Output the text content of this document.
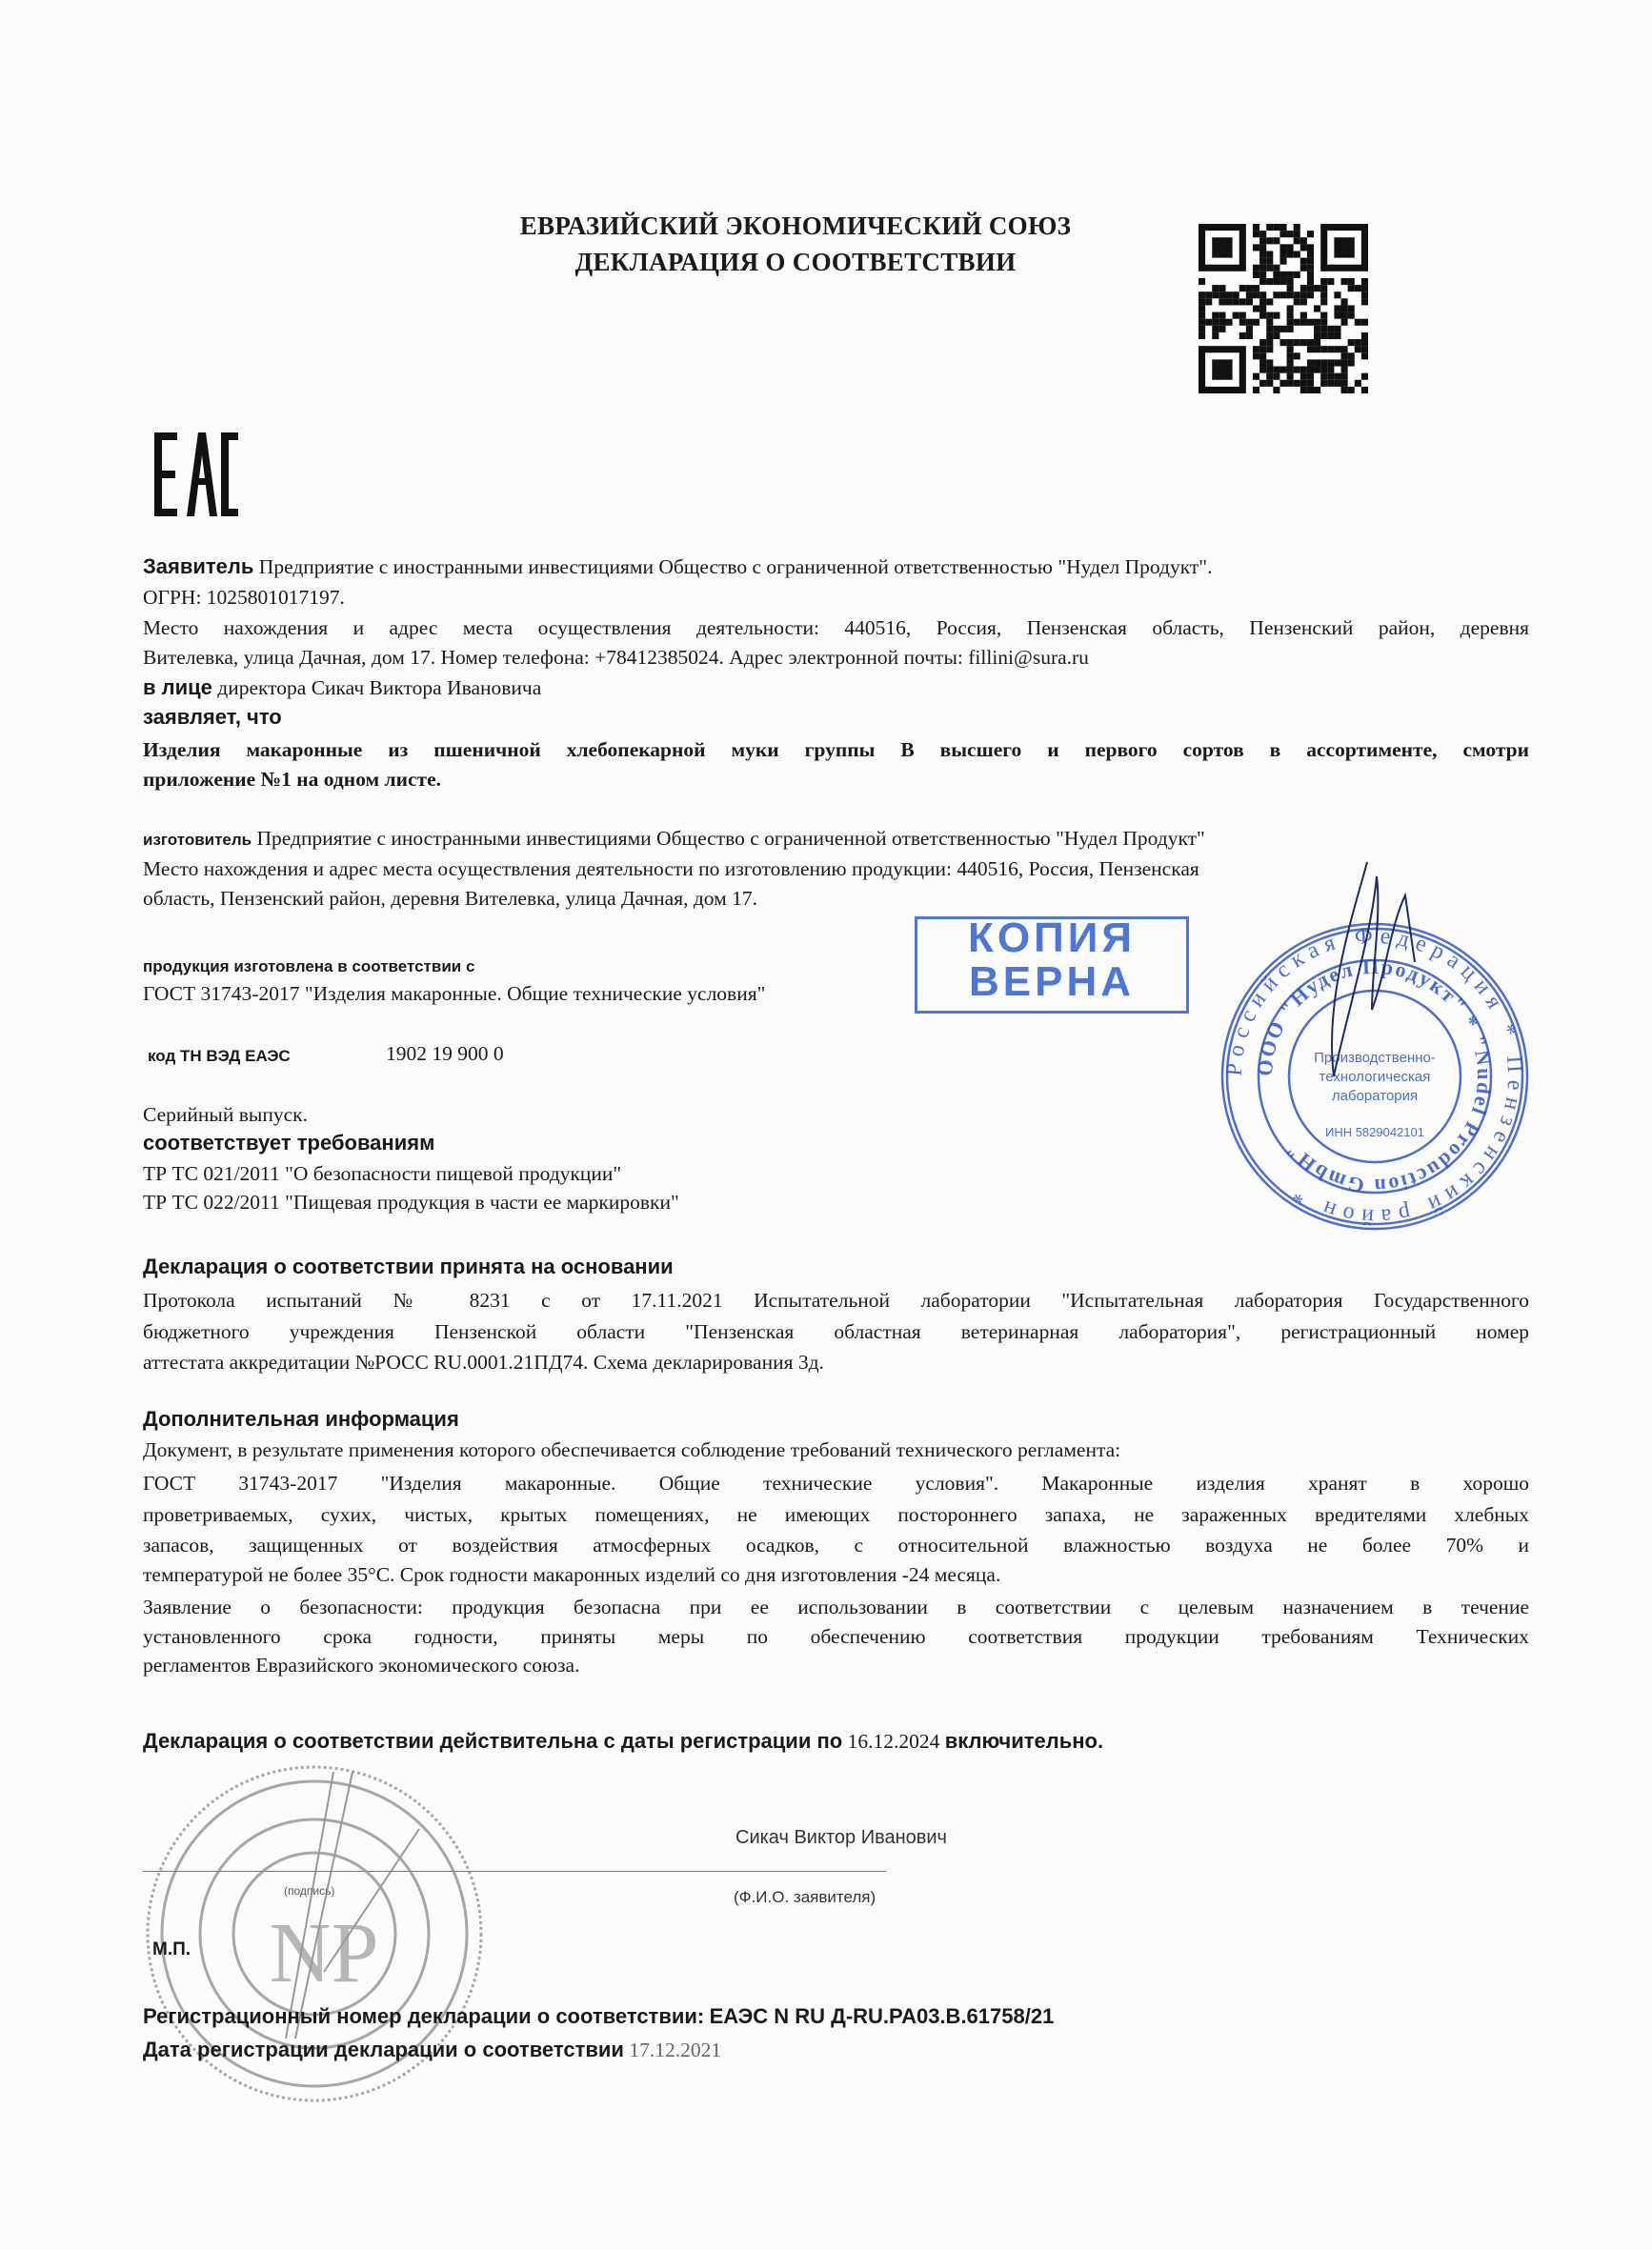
ЕВРАЗИЙСКИЙ ЭКОНОМИЧЕСКИЙ СОЮЗ
ДЕКЛАРАЦИЯ О СООТВЕТСТВИИ
Заявитель Предприятие с иностранными инвестициями Общество с ограниченной ответственностью "Нудел Продукт".
ОГРН: 1025801017197.
Место нахождения и адрес места осуществления деятельности: 440516, Россия, Пензенская область, Пензенский район, деревня
Вителевка, улица Дачная, дом 17. Номер телефона: +78412385024. Адрес электронной почты: fillini@sura.ru
в лице директора Сикач Виктора Ивановича
заявляет, что
Изделия макаронные из пшеничной хлебопекарной муки группы В высшего и первого сортов в ассортименте, смотри
приложение №1 на одном листе.
изготовитель Предприятие с иностранными инвестициями Общество с ограниченной ответственностью "Нудел Продукт"
Место нахождения и адрес места осуществления деятельности по изготовлению продукции: 440516, Россия, Пензенская
область, Пензенский район, деревня Вителевка, улица Дачная, дом 17.
продукция изготовлена в соответствии с
ГОСТ 31743-2017 "Изделия макаронные. Общие технические условия"
код ТН ВЭД ЕАЭС	1902 19 900 0
Серийный выпуск.
соответствует требованиям
ТР ТС 021/2011 "О безопасности пищевой продукции"
ТР ТС 022/2011 "Пищевая продукция в части ее маркировки"
Декларация о соответствии принята на основании
Протокола испытаний № 8231 с от 17.11.2021 Испытательной лаборатории "Испытательная лаборатория Государственного
бюджетного учреждения Пензенской области "Пензенская областная ветеринарная лаборатория", регистрационный номер
аттестата аккредитации №РОСС RU.0001.21ПД74. Схема декларирования 3д.
Дополнительная информация
Документ, в результате применения которого обеспечивается соблюдение требований технического регламента:
ГОСТ 31743-2017 "Изделия макаронные. Общие технические условия". Макаронные изделия хранят в хорошо
проветриваемых, сухих, чистых, крытых помещениях, не имеющих постороннего запаха, не зараженных вредителями хлебных
запасов, защищенных от воздействия атмосферных осадков, с относительной влажностью воздуха не более 70% и
температурой не более 35°С. Срок годности макаронных изделий со дня изготовления -24 месяца.
Заявление о безопасности: продукция безопасна при ее использовании в соответствии с целевым назначением в течение
установленного срока годности, приняты меры по обеспечению соответствия продукции требованиям Технических
регламентов Евразийского экономического союза.
Декларация о соответствии действительна с даты регистрации по 16.12.2024 включительно.
Сикач Виктор Иванович
(подпись)	(Ф.И.О. заявителя)
NP
М.П.
Регистрационный номер декларации о соответствии: ЕАЭС N RU Д-RU.PA03.B.61758/21
Дата регистрации декларации о соответствии 17.12.2021
КОПИЯ
ВЕРНА
Российская Федерация * Пензенский район *
ООО "Нудел Продукт" * "Nudel Production GmbH"
Производственно-
технологическая
лаборатория
ИНН 5829042101
